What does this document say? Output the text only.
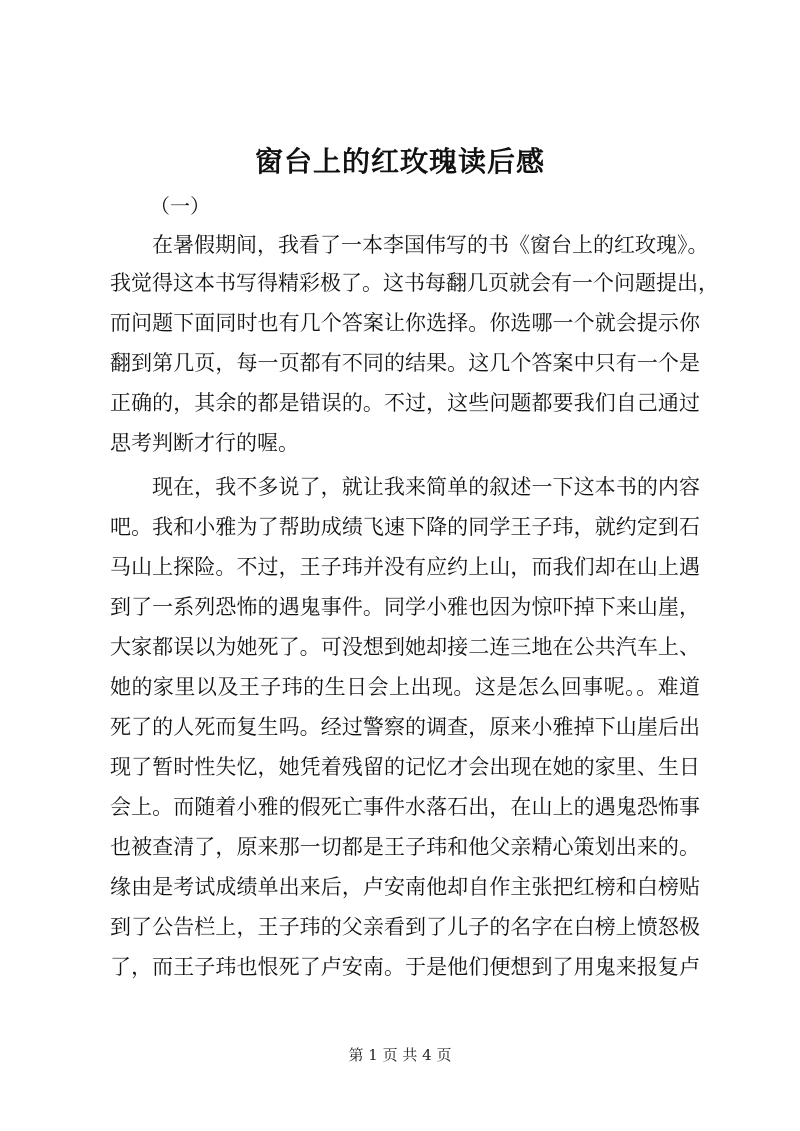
窗台上的红玫瑰读后感
（一）
在暑假期间，我看了一本李国伟写的书《窗台上的红玫瑰》。
我觉得这本书写得精彩极了。这书每翻几页就会有一个问题提出，
而问题下面同时也有几个答案让你选择。你选哪一个就会提示你
翻到第几页，每一页都有不同的结果。这几个答案中只有一个是
正确的，其余的都是错误的。不过，这些问题都要我们自己通过
思考判断才行的喔。
现在，我不多说了，就让我来简单的叙述一下这本书的内容
吧。我和小雅为了帮助成绩飞速下降的同学王子玮，就约定到石
马山上探险。不过，王子玮并没有应约上山，而我们却在山上遇
到了一系列恐怖的遇鬼事件。同学小雅也因为惊吓掉下来山崖，
大家都误以为她死了。可没想到她却接二连三地在公共汽车上、
她的家里以及王子玮的生日会上出现。这是怎么回事呢。。难道
死了的人死而复生吗。经过警察的调查，原来小雅掉下山崖后出
现了暂时性失忆，她凭着残留的记忆才会出现在她的家里、生日
会上。而随着小雅的假死亡事件水落石出，在山上的遇鬼恐怖事
也被查清了，原来那一切都是王子玮和他父亲精心策划出来的。
缘由是考试成绩单出来后，卢安南他却自作主张把红榜和白榜贴
到了公告栏上，王子玮的父亲看到了儿子的名字在白榜上愤怒极
了，而王子玮也恨死了卢安南。于是他们便想到了用鬼来报复卢
第 1 页 共 4 页
